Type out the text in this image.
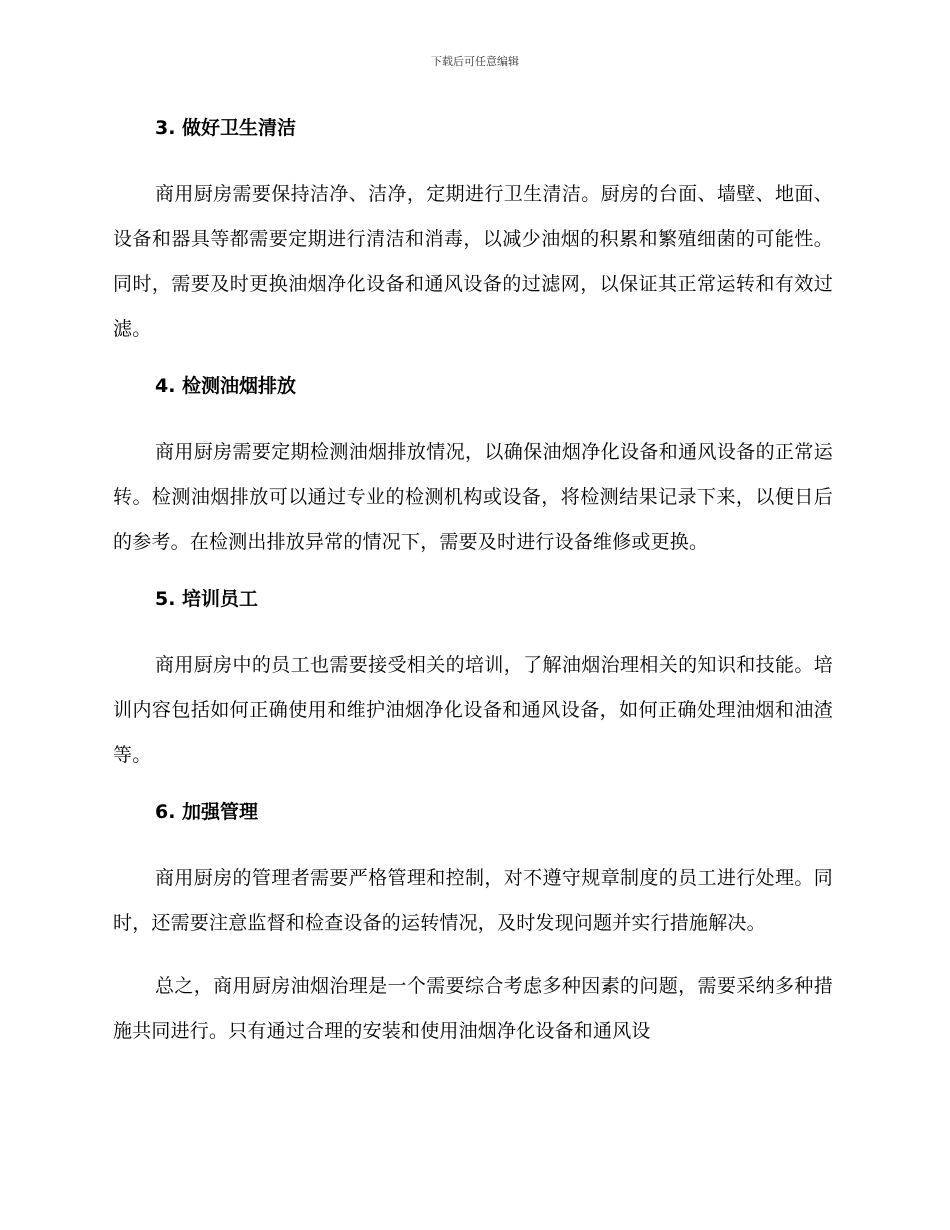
下载后可任意编辑
3. 做好卫生清洁

商用厨房需要保持洁净、洁净，定期进行卫生清洁。厨房的台面、墙壁、地面、设备和器具等都需要定期进行清洁和消毒，以减少油烟的积累和繁殖细菌的可能性。同时，需要及时更换油烟净化设备和通风设备的过滤网，以保证其正常运转和有效过滤。

4. 检测油烟排放

商用厨房需要定期检测油烟排放情况，以确保油烟净化设备和通风设备的正常运转。检测油烟排放可以通过专业的检测机构或设备，将检测结果记录下来，以便日后的参考。在检测出排放异常的情况下，需要及时进行设备维修或更换。

5. 培训员工

商用厨房中的员工也需要接受相关的培训，了解油烟治理相关的知识和技能。培训内容包括如何正确使用和维护油烟净化设备和通风设备，如何正确处理油烟和油渣等。

6. 加强管理

商用厨房的管理者需要严格管理和控制，对不遵守规章制度的员工进行处理。同时，还需要注意监督和检查设备的运转情况，及时发现问题并实行措施解决。

总之，商用厨房油烟治理是一个需要综合考虑多种因素的问题，需要采纳多种措施共同进行。只有通过合理的安装和使用油烟净化设备和通风设
